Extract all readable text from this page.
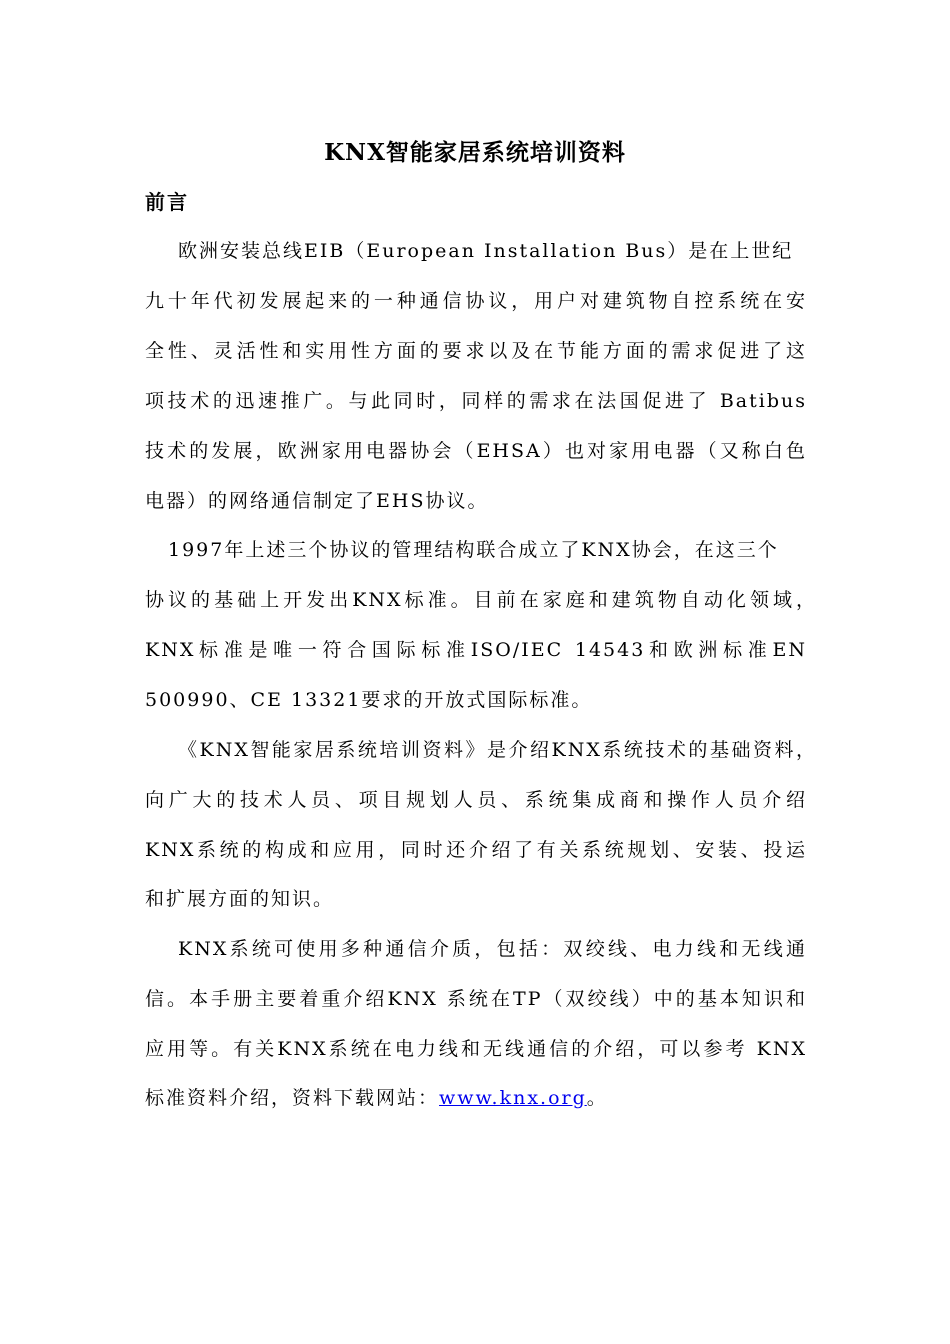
KNX智能家居系统培训资料
前言
欧洲安装总线EIB（European Installation Bus）是在上世纪
九十年代初发展起来的一种通信协议，用户对建筑物自控系统在安
全性、灵活性和实用性方面的要求以及在节能方面的需求促进了这
项技术的迅速推广。与此同时，同样的需求在法国促进了 Batibus
技术的发展，欧洲家用电器协会（EHSA）也对家用电器（又称白色
电器）的网络通信制定了EHS协议。
1997年上述三个协议的管理结构联合成立了KNX协会，在这三个
协议的基础上开发出KNX标准。目前在家庭和建筑物自动化领域，
KNX标准是唯一符合国际标准ISO/IEC 14543和欧洲标准EN
500990、CE 13321要求的开放式国际标准。
《KNX智能家居系统培训资料》是介绍KNX系统技术的基础资料，
向广大的技术人员、项目规划人员、系统集成商和操作人员介绍
KNX系统的构成和应用，同时还介绍了有关系统规划、安装、投运
和扩展方面的知识。
KNX系统可使用多种通信介质，包括：双绞线、电力线和无线通
信。本手册主要着重介绍KNX 系统在TP（双绞线）中的基本知识和
应用等。有关KNX系统在电力线和无线通信的介绍，可以参考 KNX
标准资料介绍，资料下载网站：www.knx.org。
